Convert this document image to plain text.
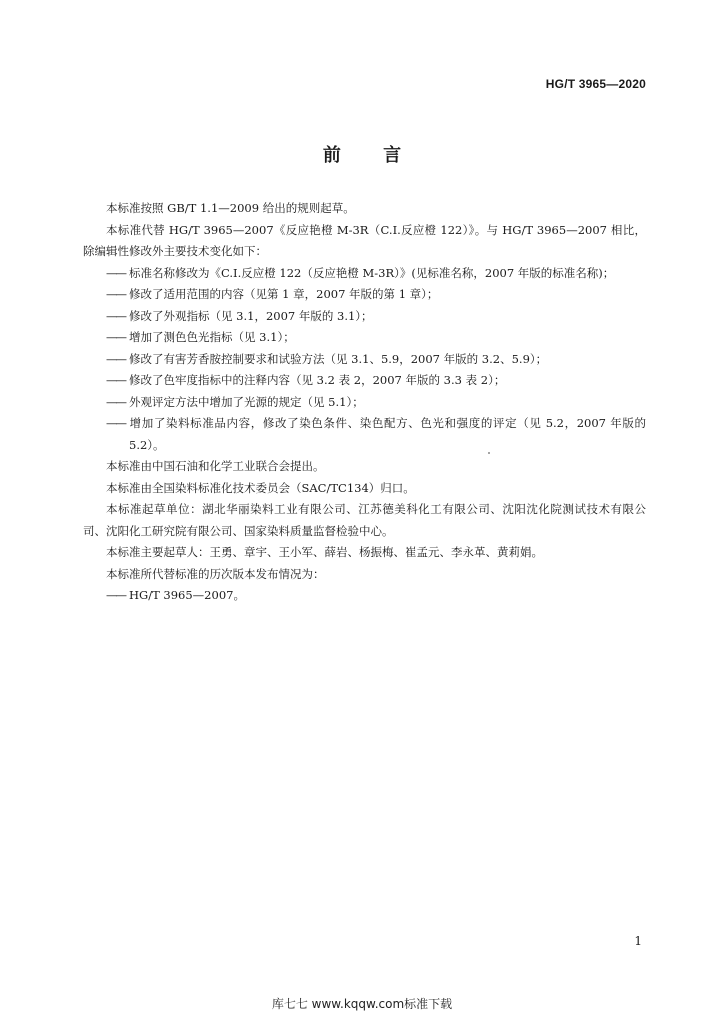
HG/T 3965—2020
前 言

本标准按照 GB/T 1.1—2009 给出的规则起草。

本标准代替 HG/T 3965—2007《反应艳橙 M-3R（C.I.反应橙 122）》。与 HG/T 3965—2007 相比，除编辑性修改外主要技术变化如下：

—— 标准名称修改为《C.I.反应橙 122（反应艳橙 M-3R）》(见标准名称，2007 年版的标准名称)；

—— 修改了适用范围的内容（见第 1 章，2007 年版的第 1 章）；

—— 修改了外观指标（见 3.1，2007 年版的 3.1）；

—— 增加了测色色光指标（见 3.1）；

—— 修改了有害芳香胺控制要求和试验方法（见 3.1、5.9，2007 年版的 3.2、5.9）；

—— 修改了色牢度指标中的注释内容（见 3.2 表 2，2007 年版的 3.3 表 2）；

—— 外观评定方法中增加了光源的规定（见 5.1）；

—— 增加了染料标准品内容，修改了染色条件、染色配方、色光和强度的评定（见 5.2，2007 年版的 5.2）。

本标准由中国石油和化学工业联合会提出。

本标准由全国染料标准化技术委员会（SAC/TC134）归口。

本标准起草单位：湖北华丽染料工业有限公司、江苏德美科化工有限公司、沈阳沈化院测试技术有限公司、沈阳化工研究院有限公司、国家染料质量监督检验中心。

本标准主要起草人：王勇、章宇、王小军、薛岩、杨振梅、崔孟元、李永革、黄莉娟。

本标准所代替标准的历次版本发布情况为：

—— HG/T 3965—2007。

1
库七七 www.kqqw.com标准下载
